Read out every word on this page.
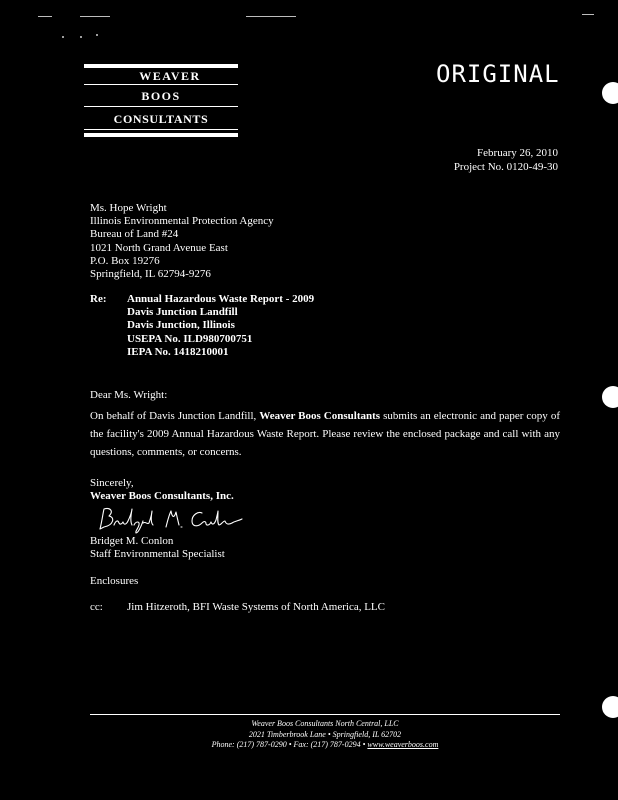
WEAVER
BOOS
CONSULTANTS
ORIGINAL
February 26, 2010
Project No. 0120-49-30
Ms. Hope Wright
Illinois Environmental Protection Agency
Bureau of Land #24
1021 North Grand Avenue East
P.O. Box 19276
Springfield, IL 62794-9276
Re: Annual Hazardous Waste Report - 2009
Davis Junction Landfill
Davis Junction, Illinois
USEPA No. ILD980700751
IEPA No. 1418210001
Dear Ms. Wright:
On behalf of Davis Junction Landfill, Weaver Boos Consultants submits an electronic and paper copy of the facility's 2009 Annual Hazardous Waste Report. Please review the enclosed package and call with any questions, comments, or concerns.
Sincerely,
Weaver Boos Consultants, Inc.
Bridget M. Conlon
Staff Environmental Specialist
Enclosures
cc: Jim Hitzeroth, BFI Waste Systems of North America, LLC
Weaver Boos Consultants North Central, LLC
2021 Timberbrook Lane • Springfield, IL 62702
Phone: (217) 787-0290 • Fax: (217) 787-0294 • www.weaverboos.com
